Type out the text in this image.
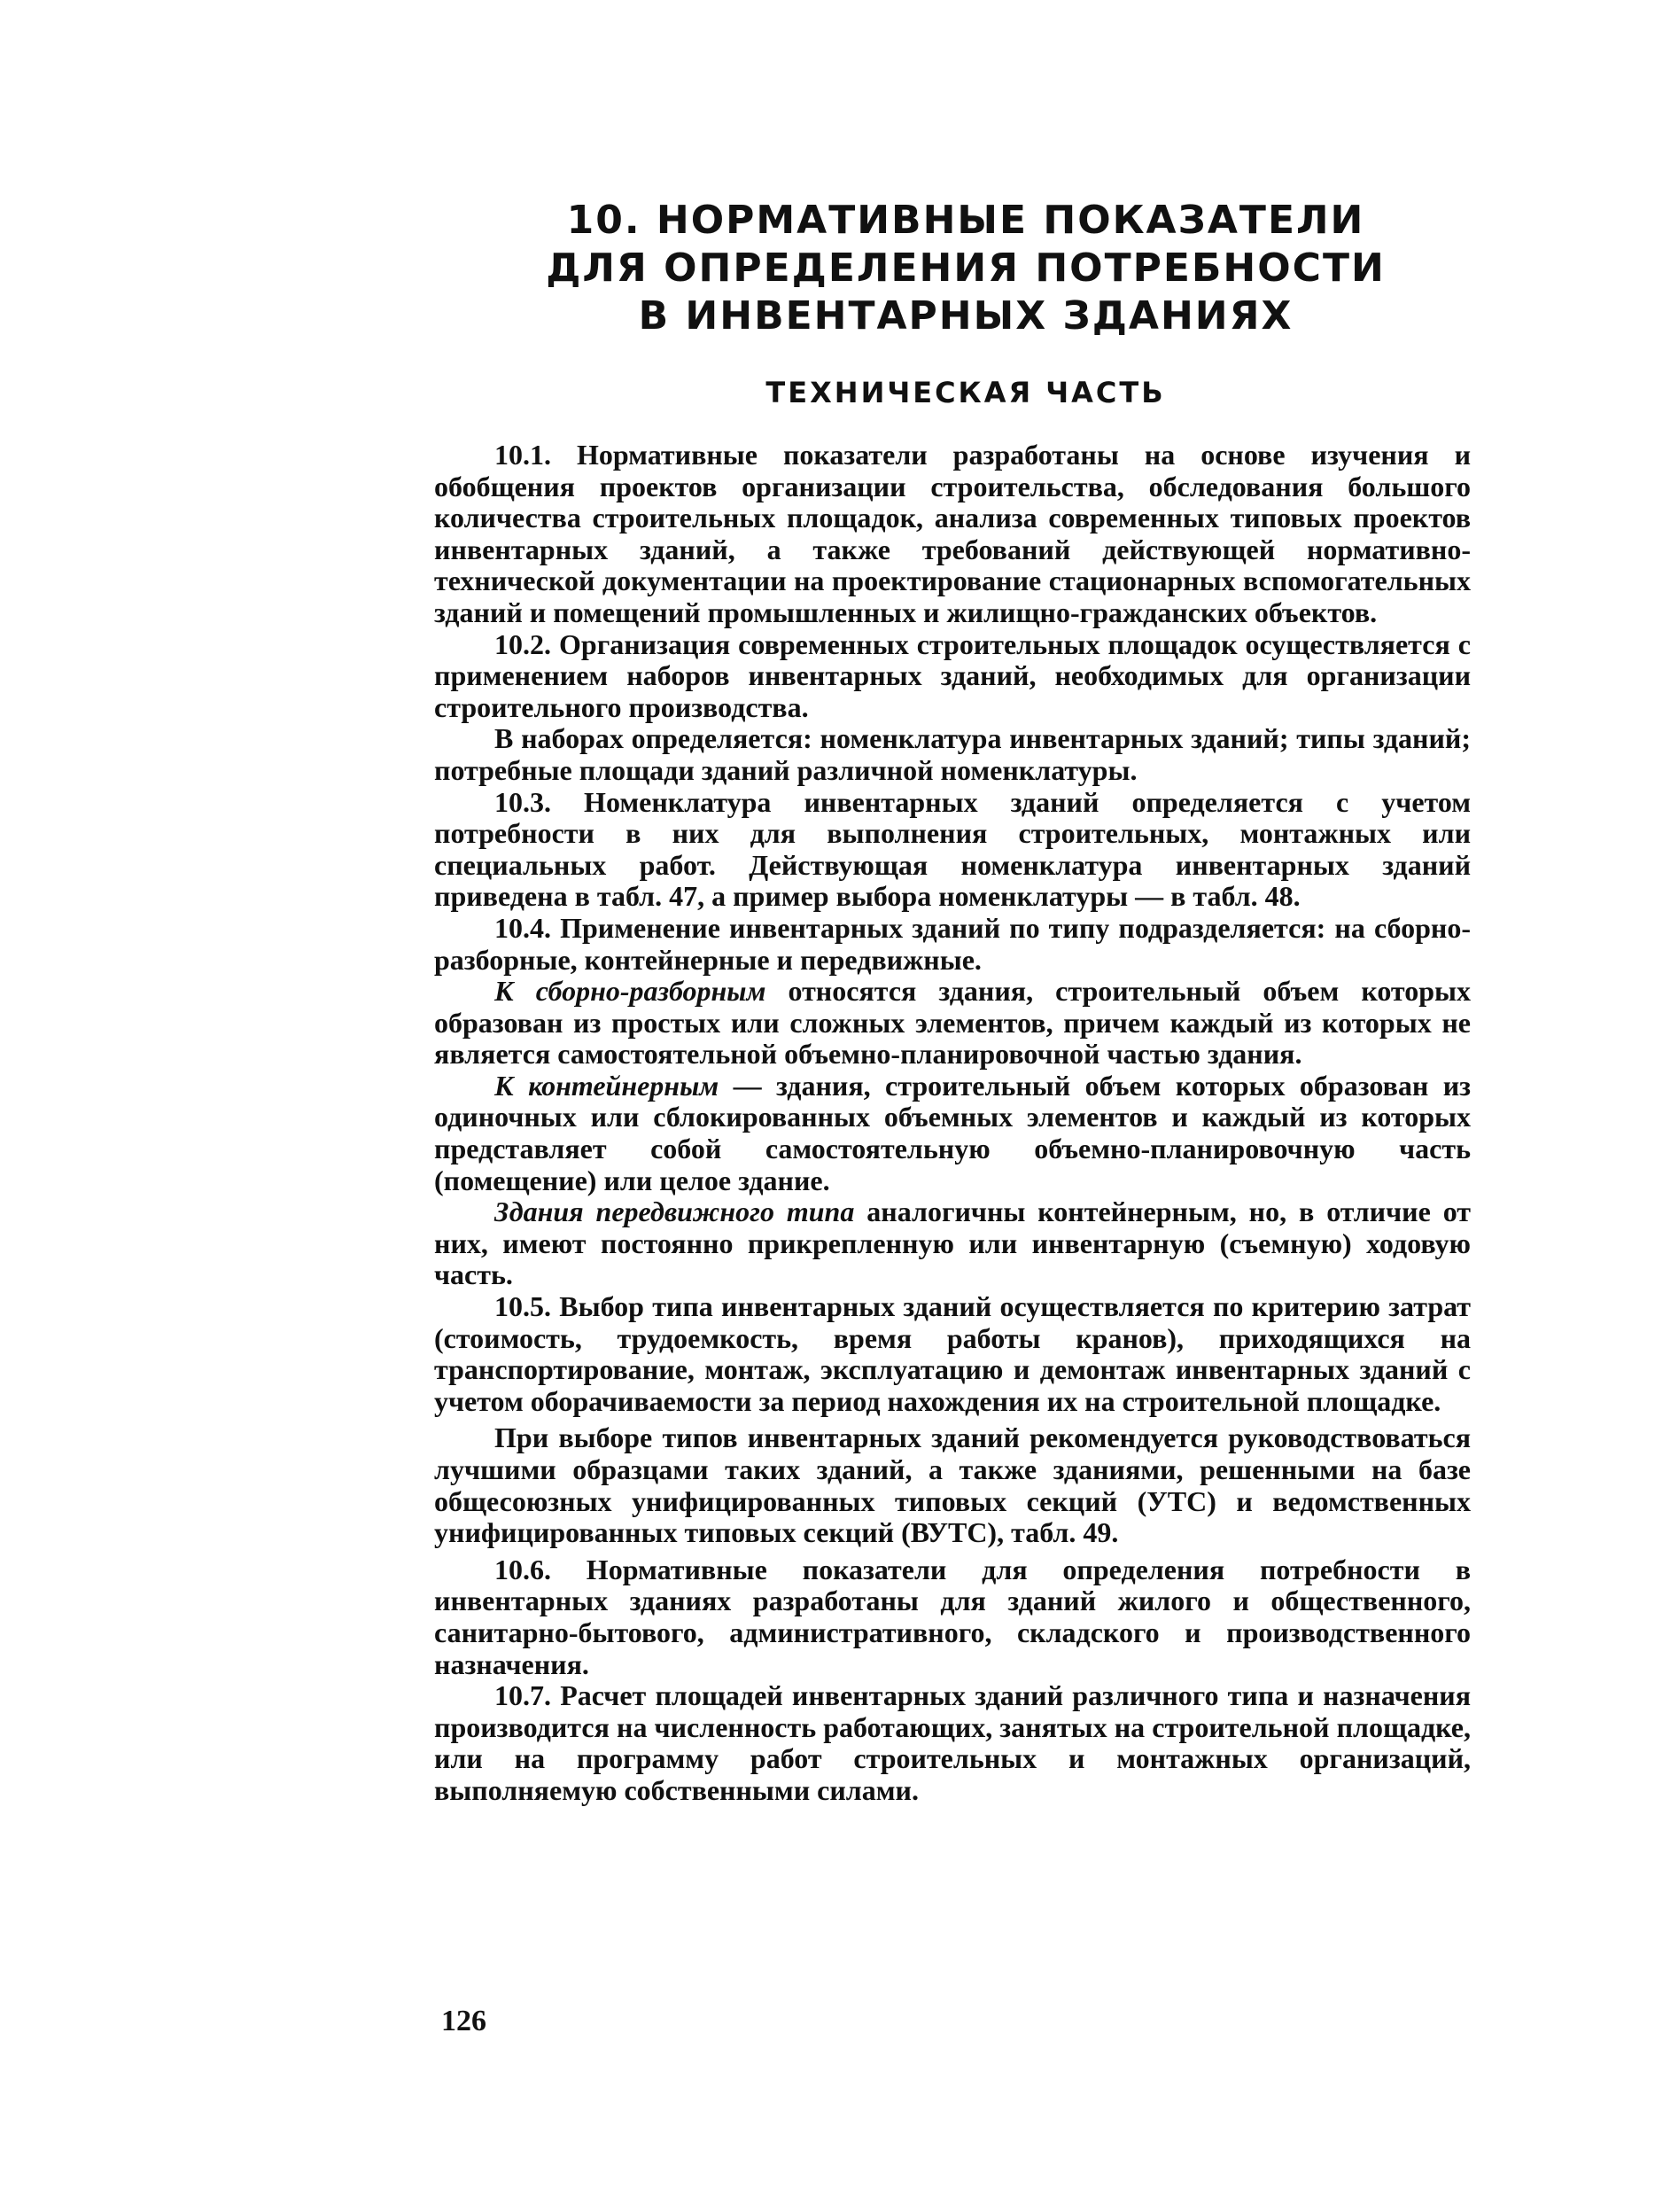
10. НОРМАТИВНЫЕ ПОКАЗАТЕЛИ
ДЛЯ ОПРЕДЕЛЕНИЯ ПОТРЕБНОСТИ
В ИНВЕНТАРНЫХ ЗДАНИЯХ
ТЕХНИЧЕСКАЯ ЧАСТЬ

10.1. Нормативные показатели разработаны на основе изучения и обобщения проектов организации строительства, обследования большого количества строительных площадок, анализа современных типовых проектов инвентарных зданий, а также требований действующей нормативно-технической документации на проектирование стационарных вспомогательных зданий и помещений промышленных и жилищно-гражданских объектов.

10.2. Организация современных строительных площадок осуществляется с применением наборов инвентарных зданий, необходимых для организации строительного производства.

В наборах определяется: номенклатура инвентарных зданий; типы зданий; потребные площади зданий различной номенклатуры.

10.3. Номенклатура инвентарных зданий определяется с учетом потребности в них для выполнения строительных, монтажных или специальных работ. Действующая номенклатура инвентарных зданий приведена в табл. 47, а пример выбора номенклатуры — в табл. 48.

10.4. Применение инвентарных зданий по типу подразделяется: на сборно-разборные, контейнерные и передвижные.

К сборно-разборным относятся здания, строительный объем которых образован из простых или сложных элементов, причем каждый из которых не является самостоятельной объемно-планировочной частью здания.

К контейнерным — здания, строительный объем которых образован из одиночных или сблокированных объемных элементов и каждый из которых представляет собой самостоятельную объемно-планировочную часть (помещение) или целое здание.

Здания передвижного типа аналогичны контейнерным, но, в отличие от них, имеют постоянно прикрепленную или инвентарную (съемную) ходовую часть.

10.5. Выбор типа инвентарных зданий осуществляется по критерию затрат (стоимость, трудоемкость, время работы кранов), приходящихся на транспортирование, монтаж, эксплуатацию и демонтаж инвентарных зданий с учетом оборачиваемости за период нахождения их на строительной площадке.

При выборе типов инвентарных зданий рекомендуется руководствоваться лучшими образцами таких зданий, а также зданиями, решенными на базе общесоюзных унифицированных типовых секций (УТС) и ведомственных унифицированных типовых секций (ВУТС), табл. 49.

10.6. Нормативные показатели для определения потребности в инвентарных зданиях разработаны для зданий жилого и общественного, санитарно-бытового, административного, складского и производственного назначения.

10.7. Расчет площадей инвентарных зданий различного типа и назначения производится на численность работающих, занятых на строительной площадке, или на программу работ строительных и монтажных организаций, выполняемую собственными силами.

126
